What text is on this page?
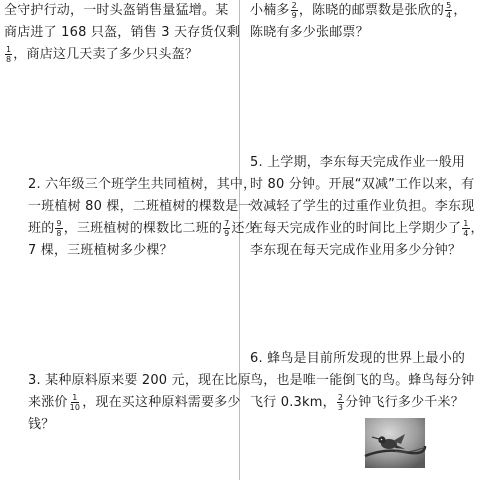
全守护行动，一时头盔销售量猛增。某
商店进了 168 只盔，销售 3 天存货仅剩
$\frac{1}{8}$ ，商店这几天卖了多少只头盔？
小楠多 $\frac{2}{9}$ ，陈晓的邮票数是张欣的 $\frac{5}{4}$ ，
陈晓有多少张邮票？
2. 六年级三个班学生共同植树，其中，
一班植树 80 棵，二班植树的棵数是一
班的 $\frac{9}{8}$ ，三班植树的棵数比二班的 $\frac{7}{9}$ 还少
7 棵，三班植树多少棵？
3. 某种原料原来要 200 元，现在比原
来涨价 $\frac{1}{10}$ ，现在买这种原料需要多少
钱？
5. 上学期，李东每天完成作业一般用
时 80 分钟。开展“双减”工作以来，有
效减轻了学生的过重作业负担。李东现
在每天完成作业的时间比上学期少了 $\frac{1}{4}$ ，
李东现在每天完成作业用多少分钟？
6. 蜂鸟是目前所发现的世界上最小的
鸟，也是唯一能倒飞的鸟。蜂鸟每分钟
飞行 0.3km， $\frac{2}{3}$ 分钟飞行多少千米？
